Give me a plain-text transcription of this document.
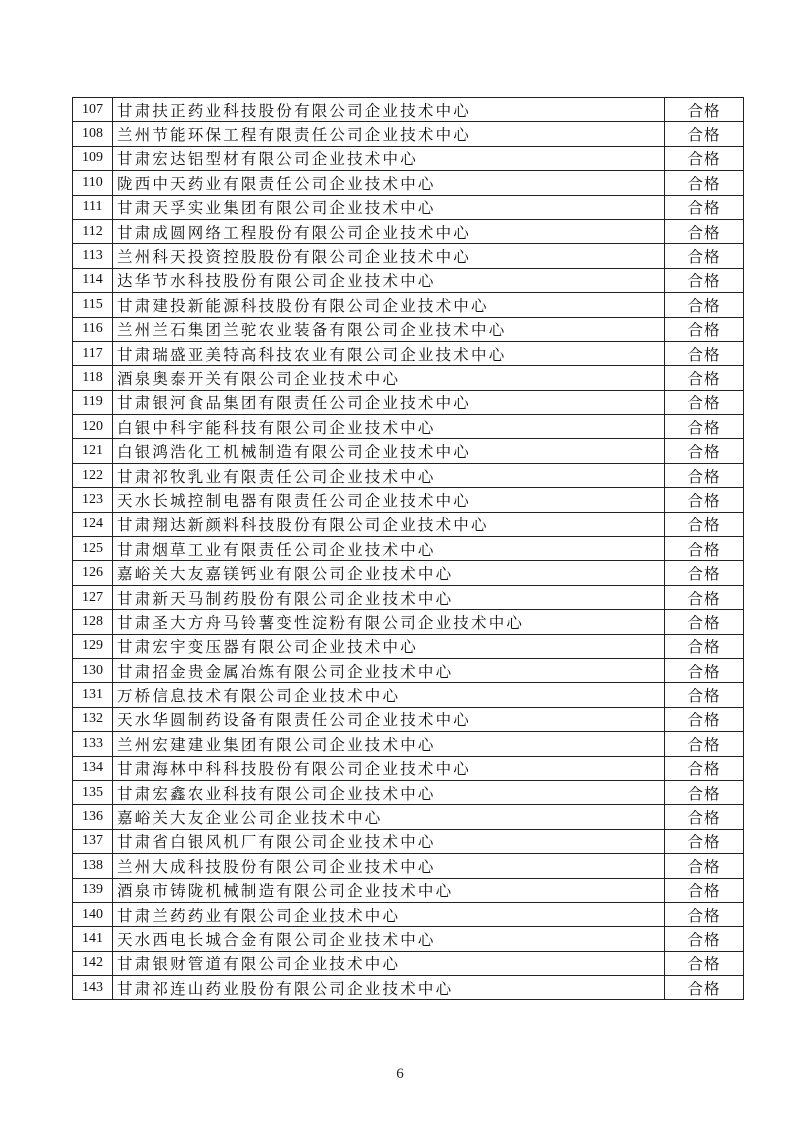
107	甘肃扶正药业科技股份有限公司企业技术中心	合格
108	兰州节能环保工程有限责任公司企业技术中心	合格
109	甘肃宏达铝型材有限公司企业技术中心	合格
110	陇西中天药业有限责任公司企业技术中心	合格
111	甘肃天孚实业集团有限公司企业技术中心	合格
112	甘肃成圆网络工程股份有限公司企业技术中心	合格
113	兰州科天投资控股股份有限公司企业技术中心	合格
114	达华节水科技股份有限公司企业技术中心	合格
115	甘肃建投新能源科技股份有限公司企业技术中心	合格
116	兰州兰石集团兰驼农业装备有限公司企业技术中心	合格
117	甘肃瑞盛亚美特高科技农业有限公司企业技术中心	合格
118	酒泉奥泰开关有限公司企业技术中心	合格
119	甘肃银河食品集团有限责任公司企业技术中心	合格
120	白银中科宇能科技有限公司企业技术中心	合格
121	白银鸿浩化工机械制造有限公司企业技术中心	合格
122	甘肃祁牧乳业有限责任公司企业技术中心	合格
123	天水长城控制电器有限责任公司企业技术中心	合格
124	甘肃翔达新颜料科技股份有限公司企业技术中心	合格
125	甘肃烟草工业有限责任公司企业技术中心	合格
126	嘉峪关大友嘉镁钙业有限公司企业技术中心	合格
127	甘肃新天马制药股份有限公司企业技术中心	合格
128	甘肃圣大方舟马铃薯变性淀粉有限公司企业技术中心	合格
129	甘肃宏宇变压器有限公司企业技术中心	合格
130	甘肃招金贵金属冶炼有限公司企业技术中心	合格
131	万桥信息技术有限公司企业技术中心	合格
132	天水华圆制药设备有限责任公司企业技术中心	合格
133	兰州宏建建业集团有限公司企业技术中心	合格
134	甘肃海林中科科技股份有限公司企业技术中心	合格
135	甘肃宏鑫农业科技有限公司企业技术中心	合格
136	嘉峪关大友企业公司企业技术中心	合格
137	甘肃省白银风机厂有限公司企业技术中心	合格
138	兰州大成科技股份有限公司企业技术中心	合格
139	酒泉市铸陇机械制造有限公司企业技术中心	合格
140	甘肃兰药药业有限公司企业技术中心	合格
141	天水西电长城合金有限公司企业技术中心	合格
142	甘肃银财管道有限公司企业技术中心	合格
143	甘肃祁连山药业股份有限公司企业技术中心	合格
6
